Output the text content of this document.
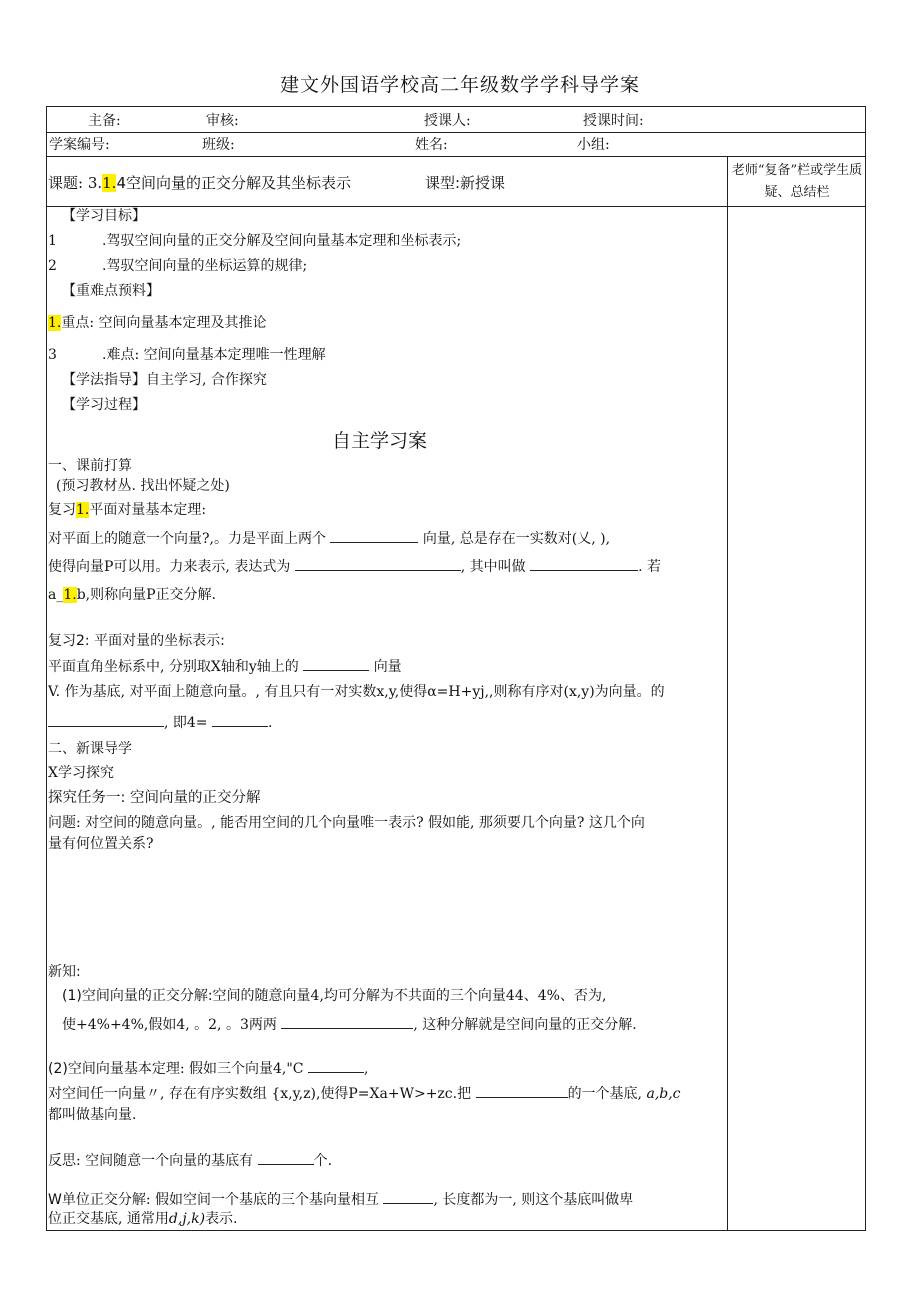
建文外国语学校高二年级数学学科导学案
主备:	审核:	授课人:	授课时间:
学案编号:	班级:	姓名:	小组:
课题: 3.1.4空间向量的正交分解及其坐标表示	课型:新授课
老师“复备”栏或学生质疑、总结栏
【学习目标】
1	.驾驭空间向量的正交分解及空间向量基本定理和坐标表示;
2	.驾驭空间向量的坐标运算的规律;
【重难点预料】
1.重点: 空间向量基本定理及其推论
3	.难点: 空间向量基本定理唯一性理解
【学法指导】自主学习, 合作探究
【学习过程】
自主学习案
一、课前打算
(预习教材丛. 找出怀疑之处)
复习1.平面对量基本定理:
对平面上的随意一个向量?,。力是平面上两个	向量, 总是存在一实数对(乂, ),
使得向量P可以用。力来表示, 表达式为	, 其中叫做	. 若
a_1.b,则称向量P正交分解.
复习2: 平面对量的坐标表示:
平面直角坐标系中, 分别取X轴和y轴上的	向量
V. 作为基底, 对平面上随意向量。, 有且只有一对实数x,y,使得α=H+yj,,则称有序对(x,y)为向量。的
, 即4=	.
二、新课导学
X学习探究
探究任务一: 空间向量的正交分解
问题: 对空间的随意向量。, 能否用空间的几个向量唯一表示? 假如能, 那须要几个向量? 这几个向
量有何位置关系?
新知:
(1)空间向量的正交分解:空间的随意向量4,均可分解为不共面的三个向量44、4%、否为,
使+4%+4%,假如4, 。2, 。3两两	, 这种分解就是空间向量的正交分解.
(2)空间向量基本定理: 假如三个向量4,"C	,
对空间任一向量〃, 存在有序实数组 {x,y,z),使得P=Xa+W>+zc.把	的一个基底, a,b,c
都叫做基向量.
反思: 空间随意一个向量的基底有	个.
W单位正交分解: 假如空间一个基底的三个基向量相互	, 长度都为一, 则这个基底叫做卑
位正交基底, 通常用d,j,k)表示.
